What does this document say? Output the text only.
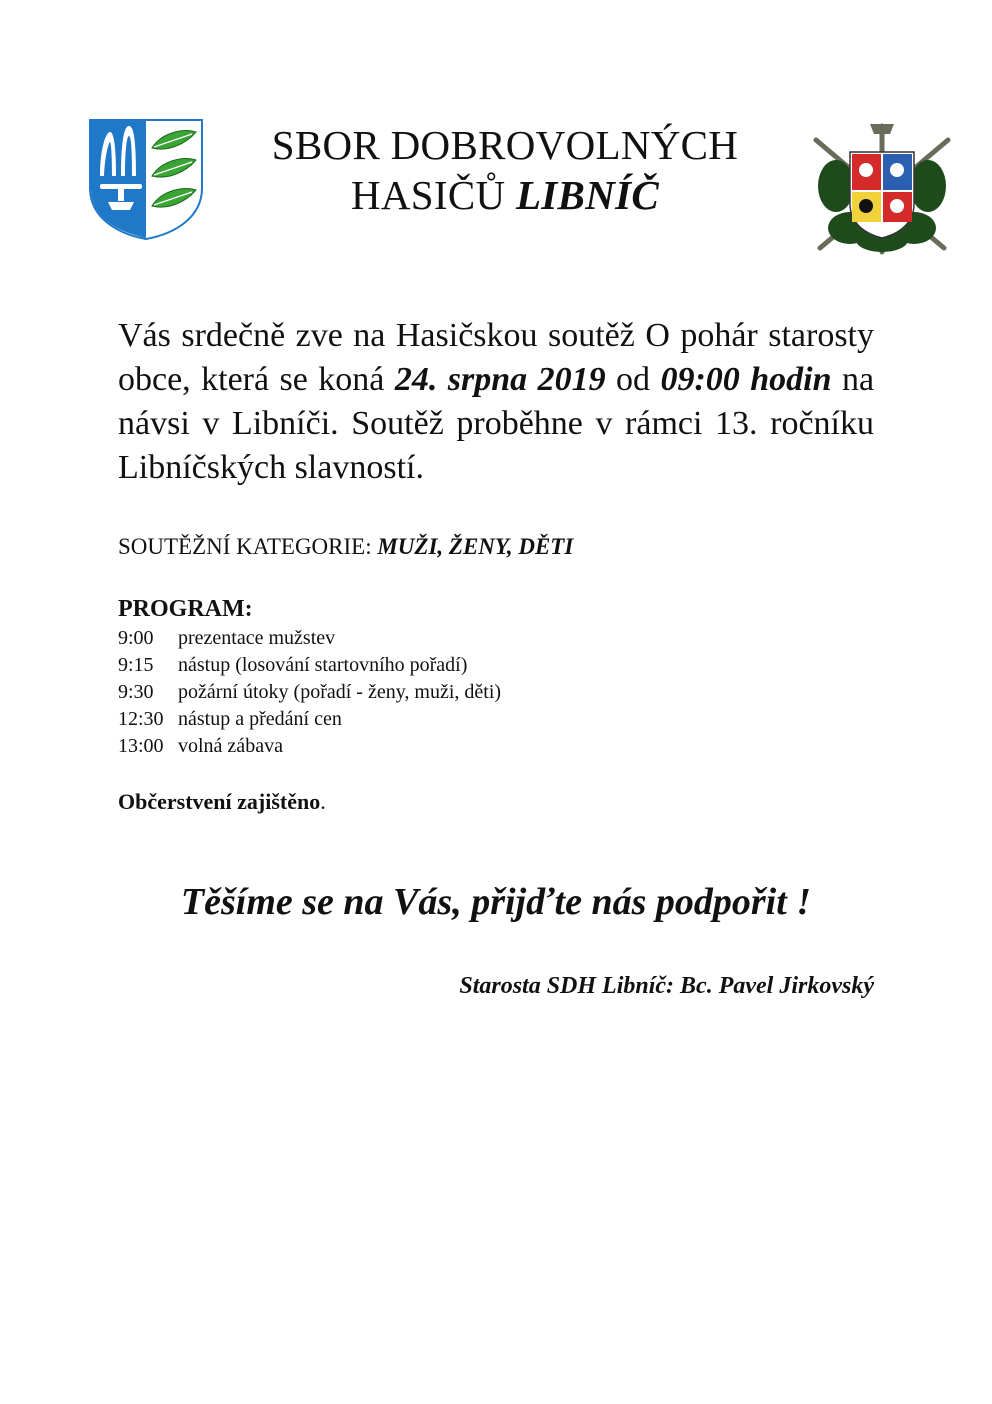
SBOR DOBROVOLNÝCH
HASIČŮ LIBNÍČ
Vás srdečně zve na Hasičskou soutěž O pohár starosty obce, která se koná 24. srpna 2019 od 09:00 hodin na návsi v Libníči. Soutěž proběhne v rámci 13. ročníku Libníčských slavností.
SOUTĚŽNÍ KATEGORIE: MUŽI, ŽENY, DĚTI
PROGRAM:
9:00	prezentace mužstev
9:15	nástup (losování startovního pořadí)
9:30	požární útoky (pořadí - ženy, muži, děti)
12:30 nástup a předání cen
13:00 volná zábava
Občerstvení zajištěno.
Těšíme se na Vás, přijďte nás podpořit !
Starosta SDH Libníč: Bc. Pavel Jirkovský
